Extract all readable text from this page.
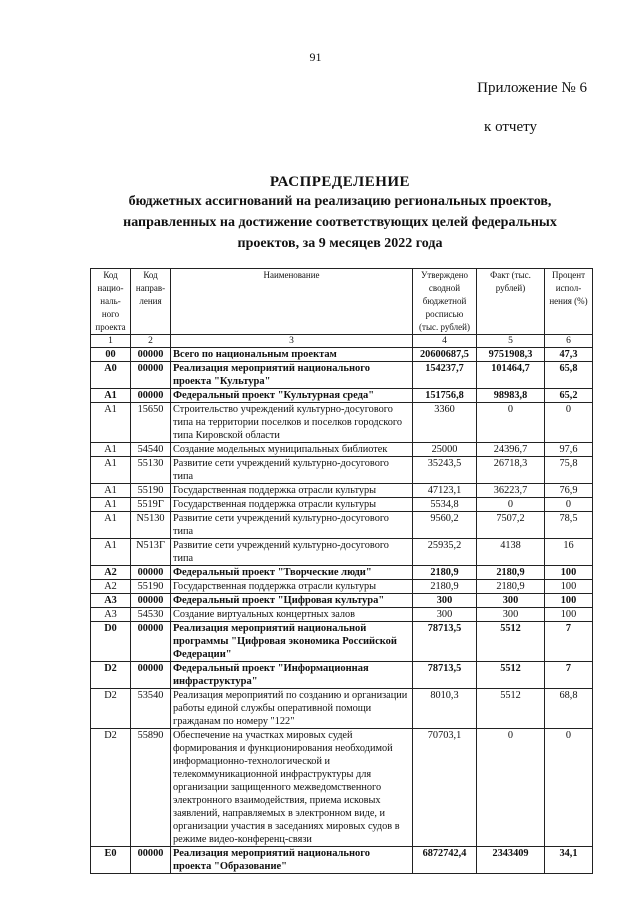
91
Приложение № 6
к отчету
РАСПРЕДЕЛЕНИЕ
бюджетных ассигнований на реализацию региональных проектов,
направленных на достижение соответствующих целей федеральных
проектов, за 9 месяцев 2022 года
Код нацио-наль-ного проекта	Код направ-ления	Наименование	Утверждено сводной бюджетной росписью (тыс. рублей)	Факт (тыс. рублей)	Процент испол-нения (%)
1	2	3	4	5	6
00	00000	Всего по национальным проектам	20600687,5	9751908,3	47,3
А0	00000	Реализация мероприятий национального проекта "Культура"	154237,7	101464,7	65,8
А1	00000	Федеральный проект "Культурная среда"	151756,8	98983,8	65,2
А1	15650	Строительство учреждений культурно-досугового типа на территории поселков и поселков городского типа Кировской области	3360	0	0
А1	54540	Создание модельных муниципальных библиотек	25000	24396,7	97,6
А1	55130	Развитие сети учреждений культурно-досугового типа	35243,5	26718,3	75,8
А1	55190	Государственная поддержка отрасли культуры	47123,1	36223,7	76,9
А1	5519Г	Государственная поддержка отрасли культуры	5534,8	0	0
А1	N5130	Развитие сети учреждений культурно-досугового типа	9560,2	7507,2	78,5
А1	N513Г	Развитие сети учреждений культурно-досугового типа	25935,2	4138	16
А2	00000	Федеральный проект "Творческие люди"	2180,9	2180,9	100
А2	55190	Государственная поддержка отрасли культуры	2180,9	2180,9	100
А3	00000	Федеральный проект "Цифровая культура"	300	300	100
А3	54530	Создание виртуальных концертных залов	300	300	100
D0	00000	Реализация мероприятий национальной программы "Цифровая экономика Российской Федерации"	78713,5	5512	7
D2	00000	Федеральный проект "Информационная инфраструктура"	78713,5	5512	7
D2	53540	Реализация мероприятий по созданию и организации работы единой службы оперативной помощи гражданам по номеру "122"	8010,3	5512	68,8
D2	55890	Обеспечение на участках мировых судей формирования и функционирования необходимой информационно-технологической и телекоммуникационной инфраструктуры для организации защищенного межведомственного электронного взаимодействия, приема исковых заявлений, направляемых в электронном виде, и организации участия в заседаниях мировых судов в режиме видео-конференц-связи	70703,1	0	0
Е0	00000	Реализация мероприятий национального проекта "Образование"	6872742,4	2343409	34,1
